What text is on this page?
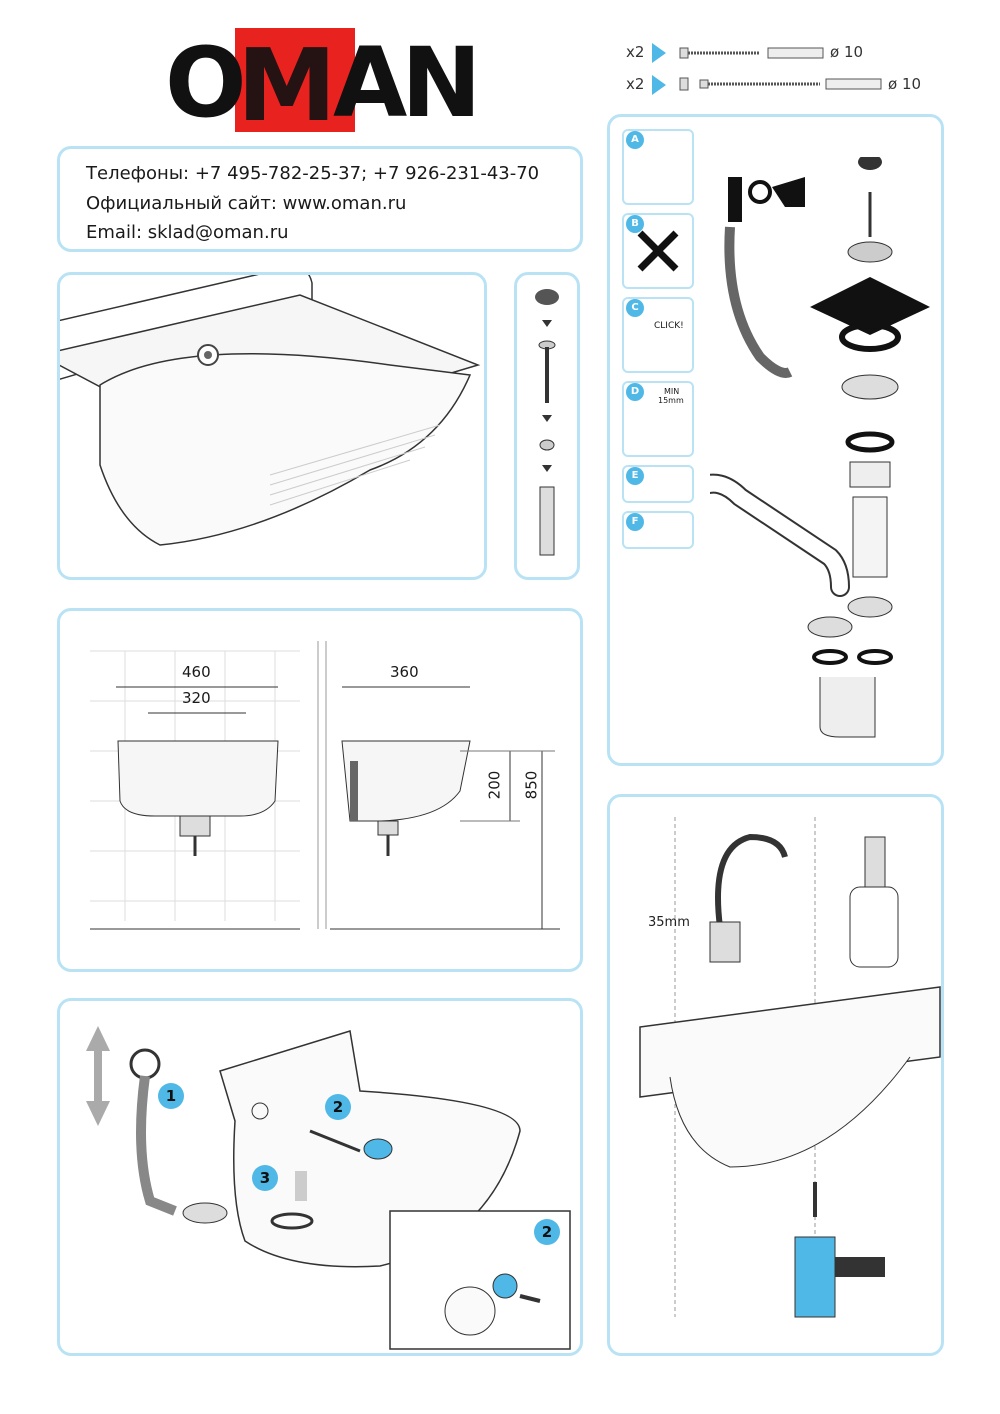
O
M
AN

Телефоны: +7 495-782-25-37; +7 926-231-43-70

Официальный сайт: www.oman.ru

Email: sklad@oman.ru

x2	ø 10
x2	ø 10
460
320
360
200 850
CLICK!
MIN
15mm
A
B
C
D
E
F
1
2
3
2
35mm
